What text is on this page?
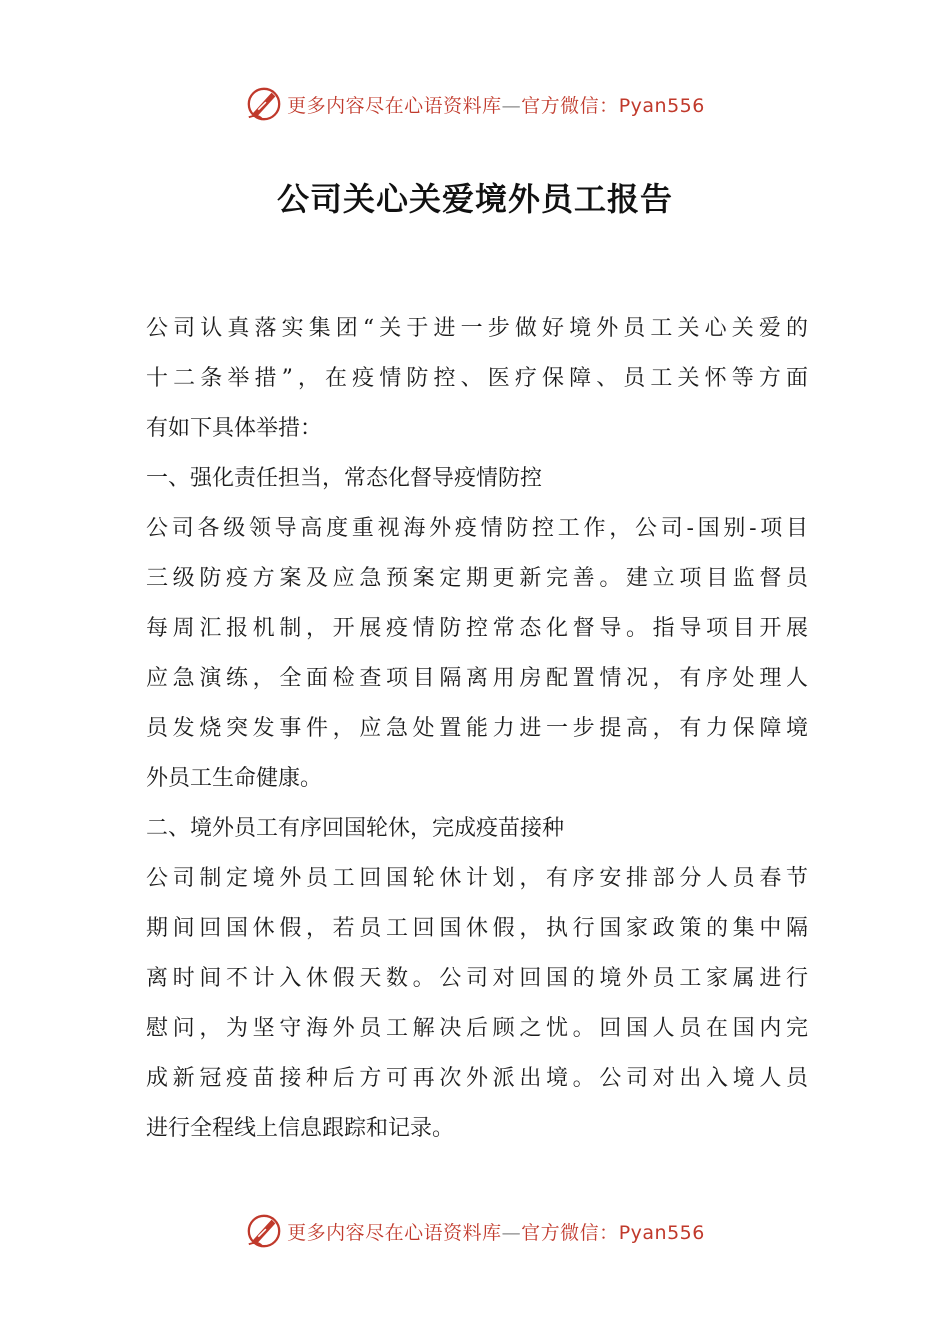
更多内容尽在心语资料库—官方微信：Pyan556
公司关心关爱境外员工报告
公司认真落实集团“关于进一步做好境外员工关心关爱的
十二条举措”，在疫情防控、医疗保障、员工关怀等方面
有如下具体举措：
一、强化责任担当，常态化督导疫情防控
公司各级领导高度重视海外疫情防控工作，公司-国别-项目
三级防疫方案及应急预案定期更新完善。建立项目监督员
每周汇报机制，开展疫情防控常态化督导。指导项目开展
应急演练，全面检查项目隔离用房配置情况，有序处理人
员发烧突发事件，应急处置能力进一步提高，有力保障境
外员工生命健康。
二、境外员工有序回国轮休，完成疫苗接种
公司制定境外员工回国轮休计划，有序安排部分人员春节
期间回国休假，若员工回国休假，执行国家政策的集中隔
离时间不计入休假天数。公司对回国的境外员工家属进行
慰问，为坚守海外员工解决后顾之忧。回国人员在国内完
成新冠疫苗接种后方可再次外派出境。公司对出入境人员
进行全程线上信息跟踪和记录。
更多内容尽在心语资料库—官方微信：Pyan556
